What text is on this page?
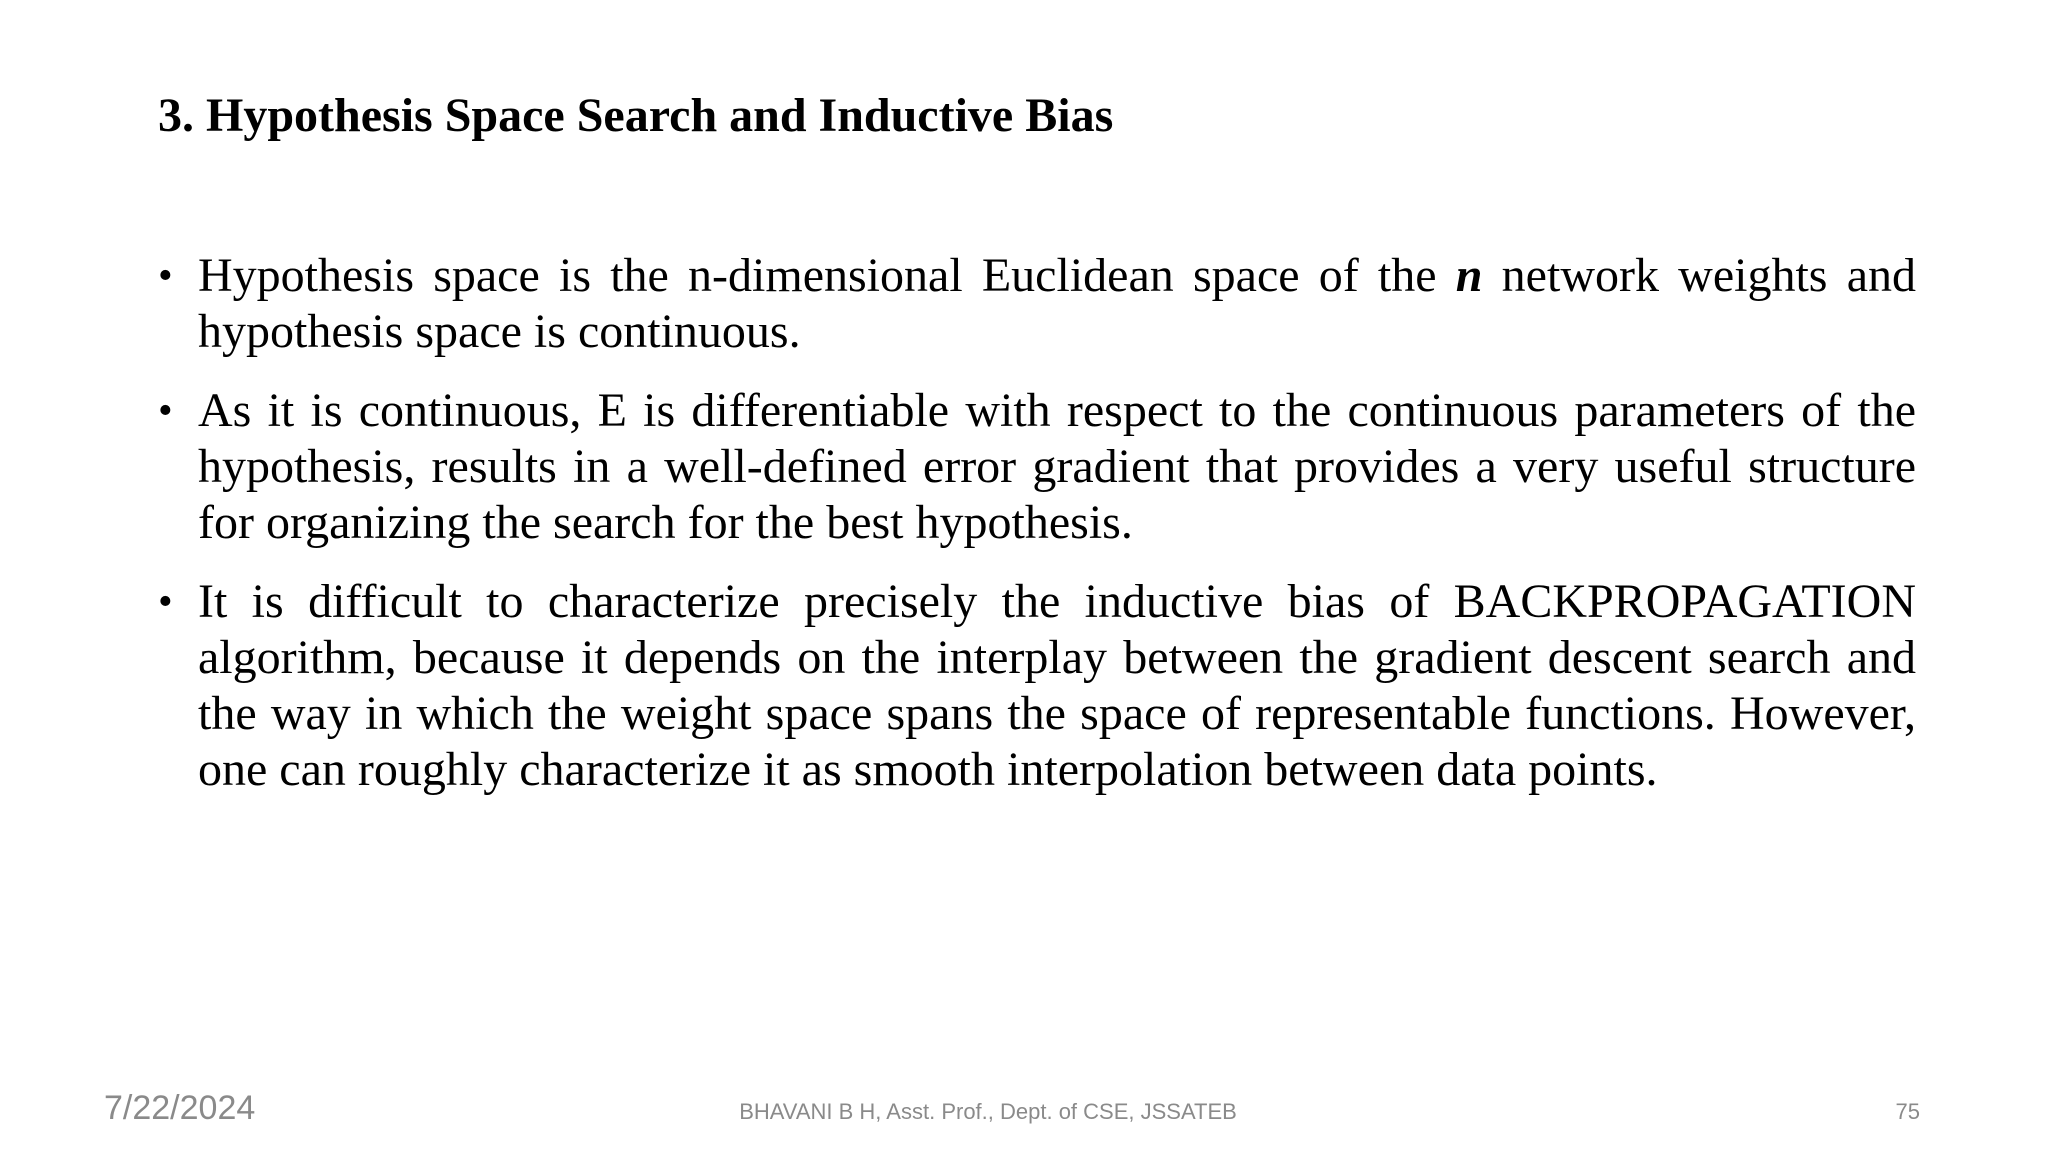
3. Hypothesis Space Search and Inductive Bias
• Hypothesis space is the n-dimensional Euclidean space of the n network weights and hypothesis space is continuous.
• As it is continuous, E is differentiable with respect to the continuous parameters of the hypothesis, results in a well-defined error gradient that provides a very useful structure for organizing the search for the best hypothesis.
• It is difficult to characterize precisely the inductive bias of BACKPROPAGATION algorithm, because it depends on the interplay between the gradient descent search and the way in which the weight space spans the space of representable functions. However, one can roughly characterize it as smooth interpolation between data points.
7/22/2024	BHAVANI B H, Asst. Prof., Dept. of CSE, JSSATEB	75
